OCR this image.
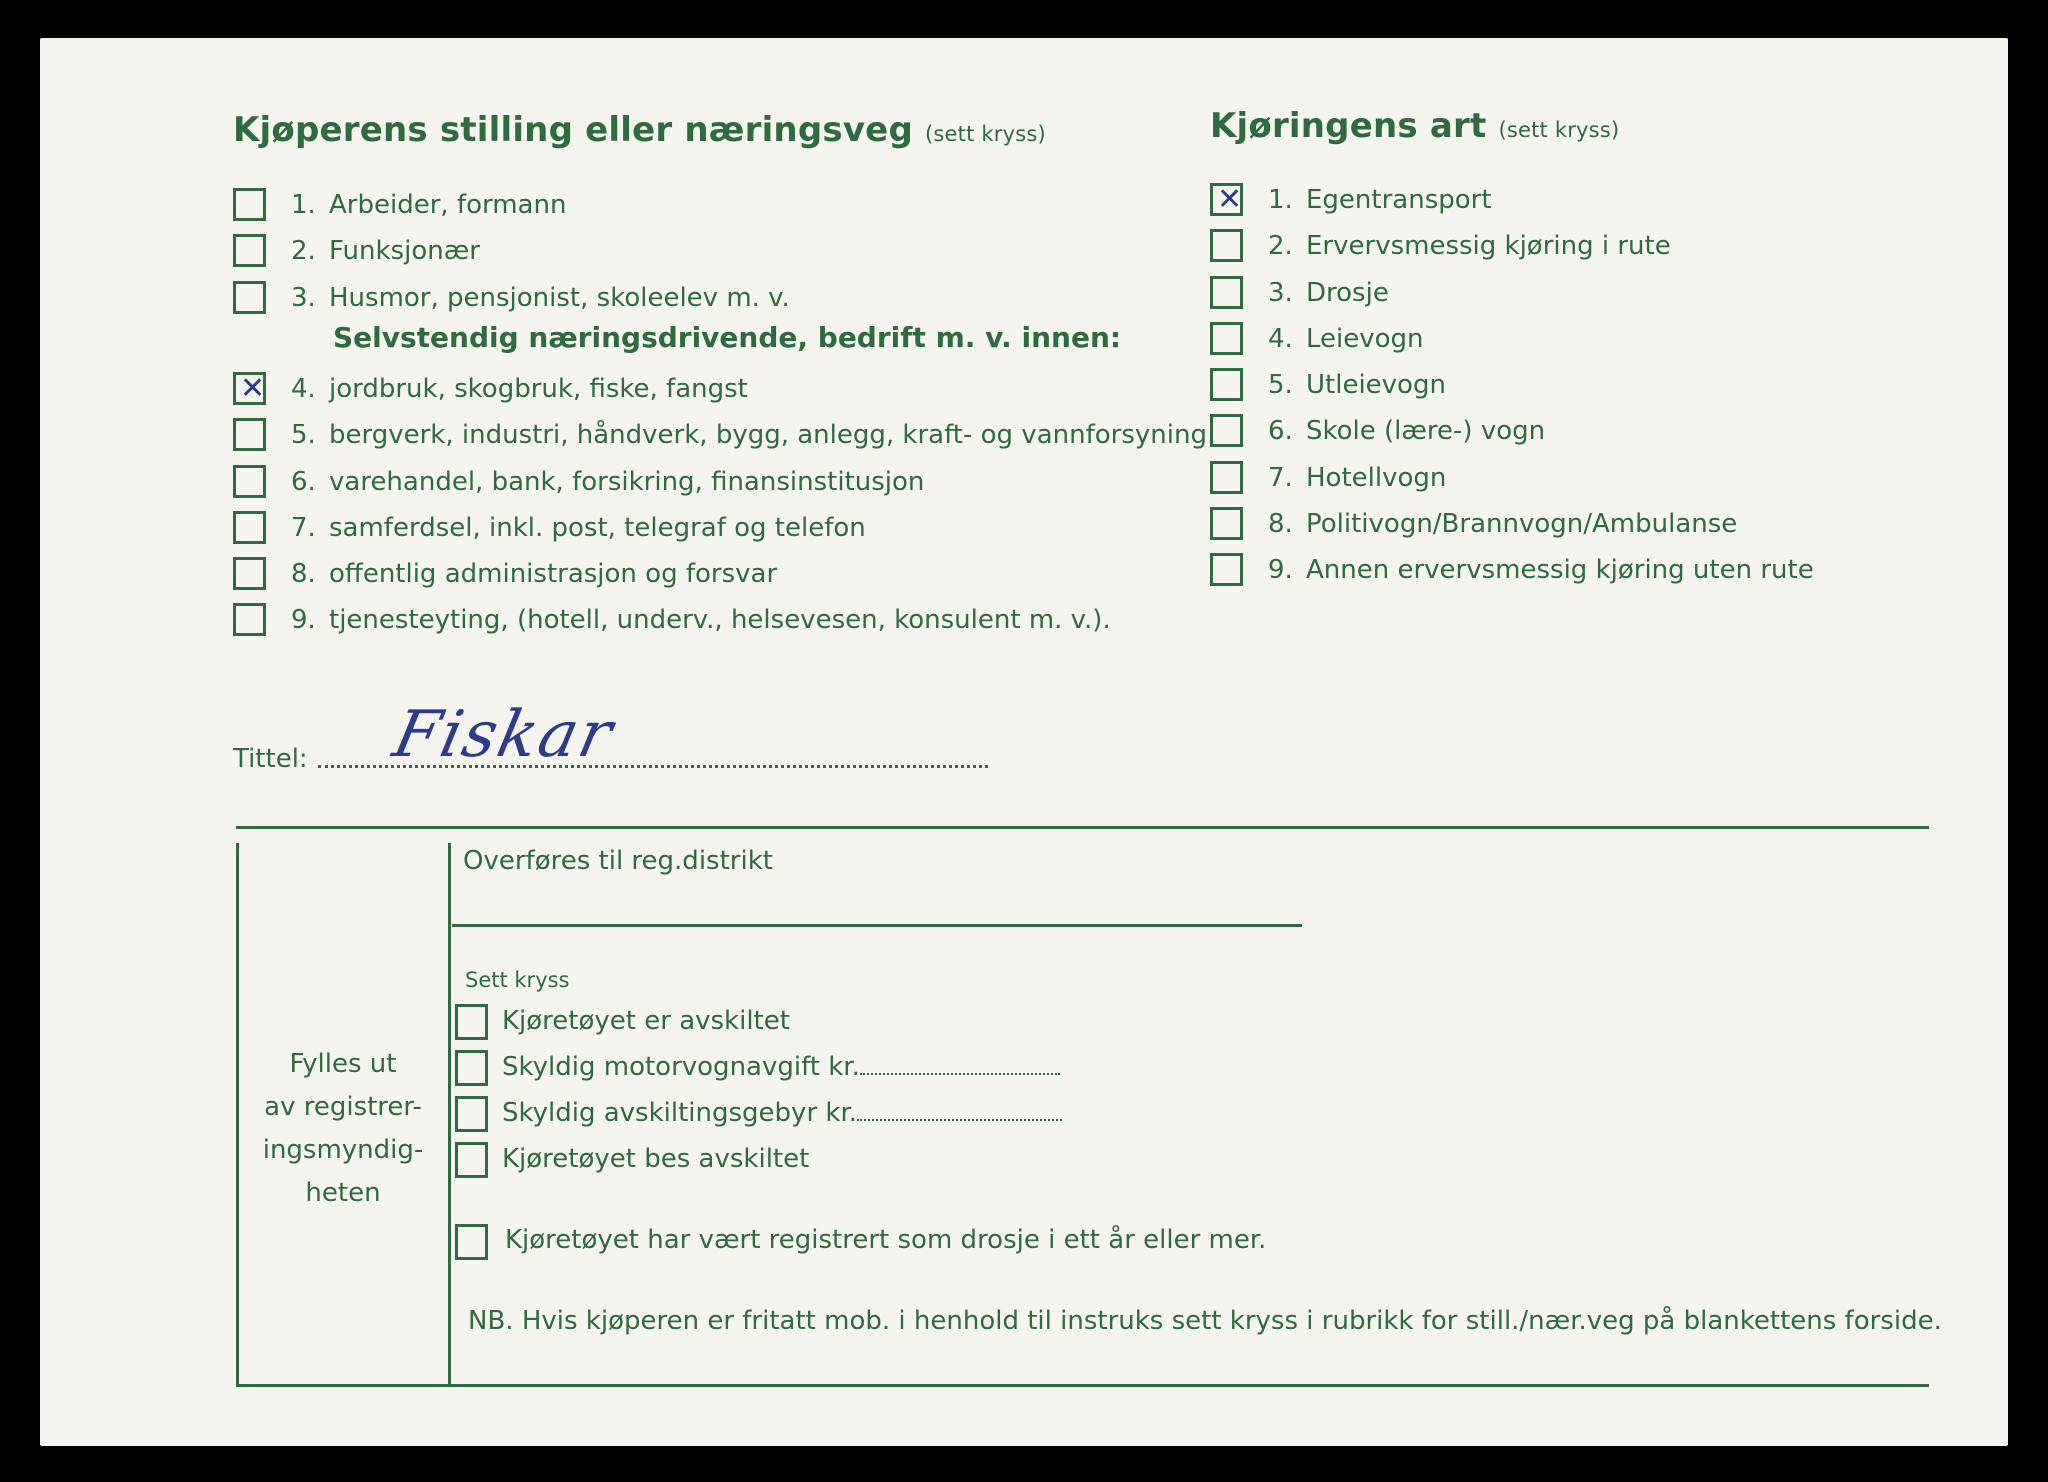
Kjøperens stilling eller næringsveg (sett kryss)
1. Arbeider, formann
2. Funksjonær
3. Husmor, pensjonist, skoleelev m. v.
Selvstendig næringsdrivende, bedrift m. v. innen:
✕ 4. jordbruk, skogbruk, fiske, fangst
5. bergverk, industri, håndverk, bygg, anlegg, kraft- og vannforsyning
6. varehandel, bank, forsikring, finansinstitusjon
7. samferdsel, inkl. post, telegraf og telefon
8. offentlig administrasjon og forsvar
9. tjenesteyting, (hotell, underv., helsevesen, konsulent m. v.).
Kjøringens art (sett kryss)
✕ 1. Egentransport
2. Ervervsmessig kjøring i rute
3. Drosje
4. Leievogn
5. Utleievogn
6. Skole (lære-) vogn
7. Hotellvogn
8. Politivogn/Brannvogn/Ambulanse
9. Annen ervervsmessig kjøring uten rute
Tittel: Fiskar
Fylles ut
av registrer-
ingsmyndig-
heten
Overføres til reg.distrikt
Sett kryss
Kjøretøyet er avskiltet
Skyldig motorvognavgift kr.
Skyldig avskiltingsgebyr kr.
Kjøretøyet bes avskiltet
Kjøretøyet har vært registrert som drosje i ett år eller mer.
NB. Hvis kjøperen er fritatt mob. i henhold til instruks sett kryss i rubrikk for still./nær.veg på blankettens forside.
